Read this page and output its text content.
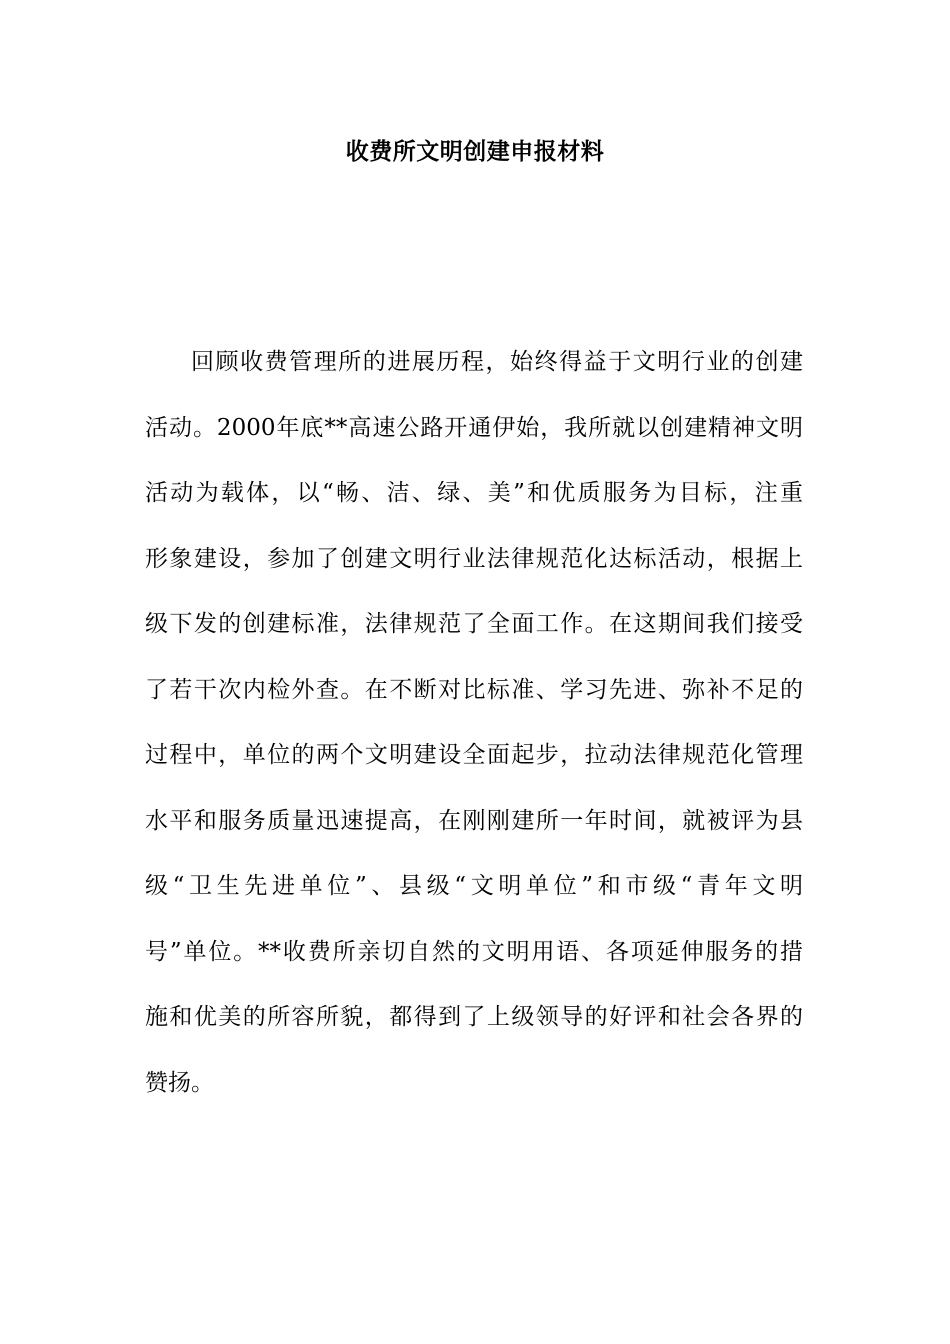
收费所文明创建申报材料
回顾收费管理所的进展历程，始终得益于文明行业的创建
活动。2000年底**高速公路开通伊始，我所就以创建精神文明
活动为载体，以“畅、洁、绿、美”和优质服务为目标，注重
形象建设，参加了创建文明行业法律规范化达标活动，根据上
级下发的创建标准，法律规范了全面工作。在这期间我们接受
了若干次内检外查。在不断对比标准、学习先进、弥补不足的
过程中，单位的两个文明建设全面起步，拉动法律规范化管理
水平和服务质量迅速提高，在刚刚建所一年时间，就被评为县
级“卫生先进单位”、县级“文明单位”和市级“青年文明
号”单位。**收费所亲切自然的文明用语、各项延伸服务的措
施和优美的所容所貌，都得到了上级领导的好评和社会各界的
赞扬。
